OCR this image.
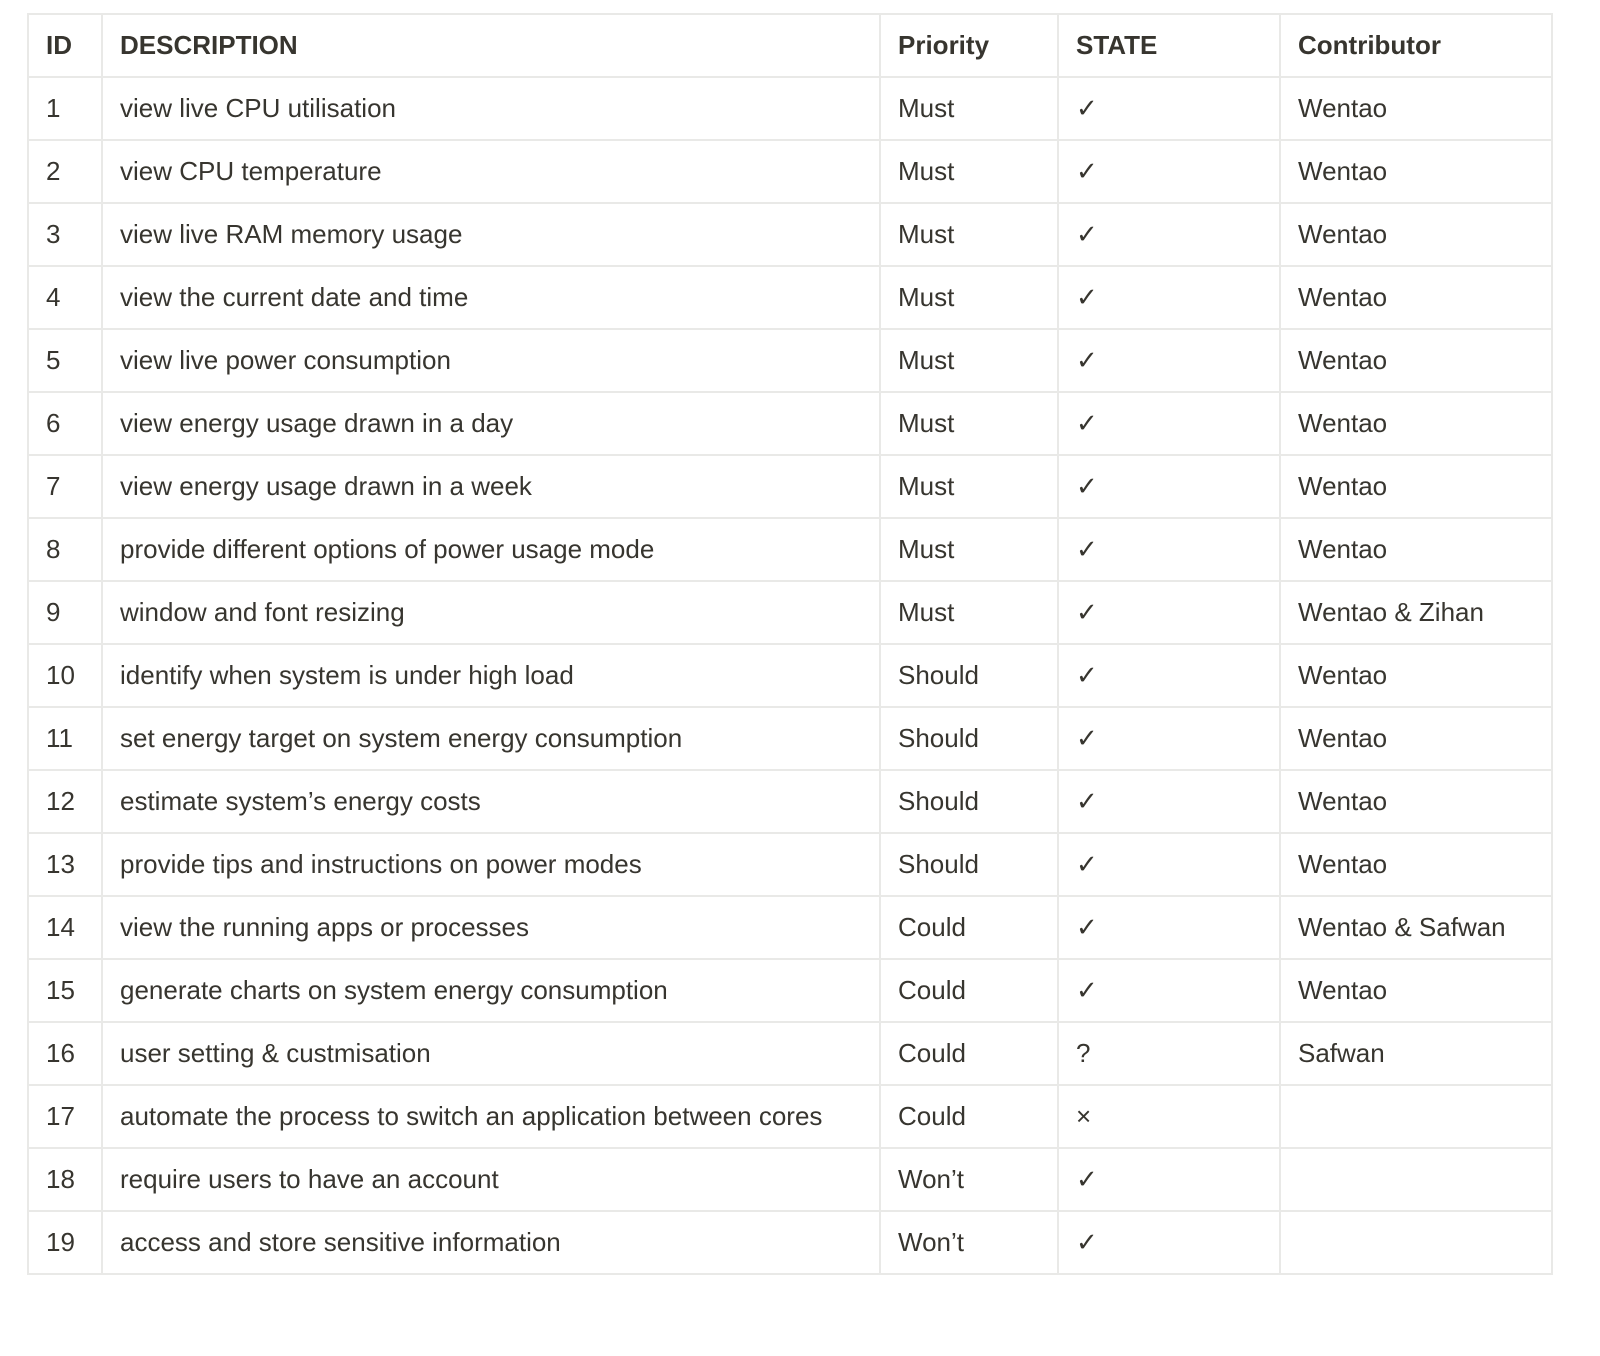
ID	DESCRIPTION	Priority	STATE	Contributor
1	view live CPU utilisation	Must	✓	Wentao
2	view CPU temperature	Must	✓	Wentao
3	view live RAM memory usage	Must	✓	Wentao
4	view the current date and time	Must	✓	Wentao
5	view live power consumption	Must	✓	Wentao
6	view energy usage drawn in a day	Must	✓	Wentao
7	view energy usage drawn in a week	Must	✓	Wentao
8	provide different options of power usage mode	Must	✓	Wentao
9	window and font resizing	Must	✓	Wentao & Zihan
10	identify when system is under high load	Should	✓	Wentao
11	set energy target on system energy consumption	Should	✓	Wentao
12	estimate system’s energy costs	Should	✓	Wentao
13	provide tips and instructions on power modes	Should	✓	Wentao
14	view the running apps or processes	Could	✓	Wentao & Safwan
15	generate charts on system energy consumption	Could	✓	Wentao
16	user setting & custmisation	Could	?	Safwan
17	automate the process to switch an application between cores	Could	×	
18	require users to have an account	Won’t	✓	
19	access and store sensitive information	Won’t	✓	
